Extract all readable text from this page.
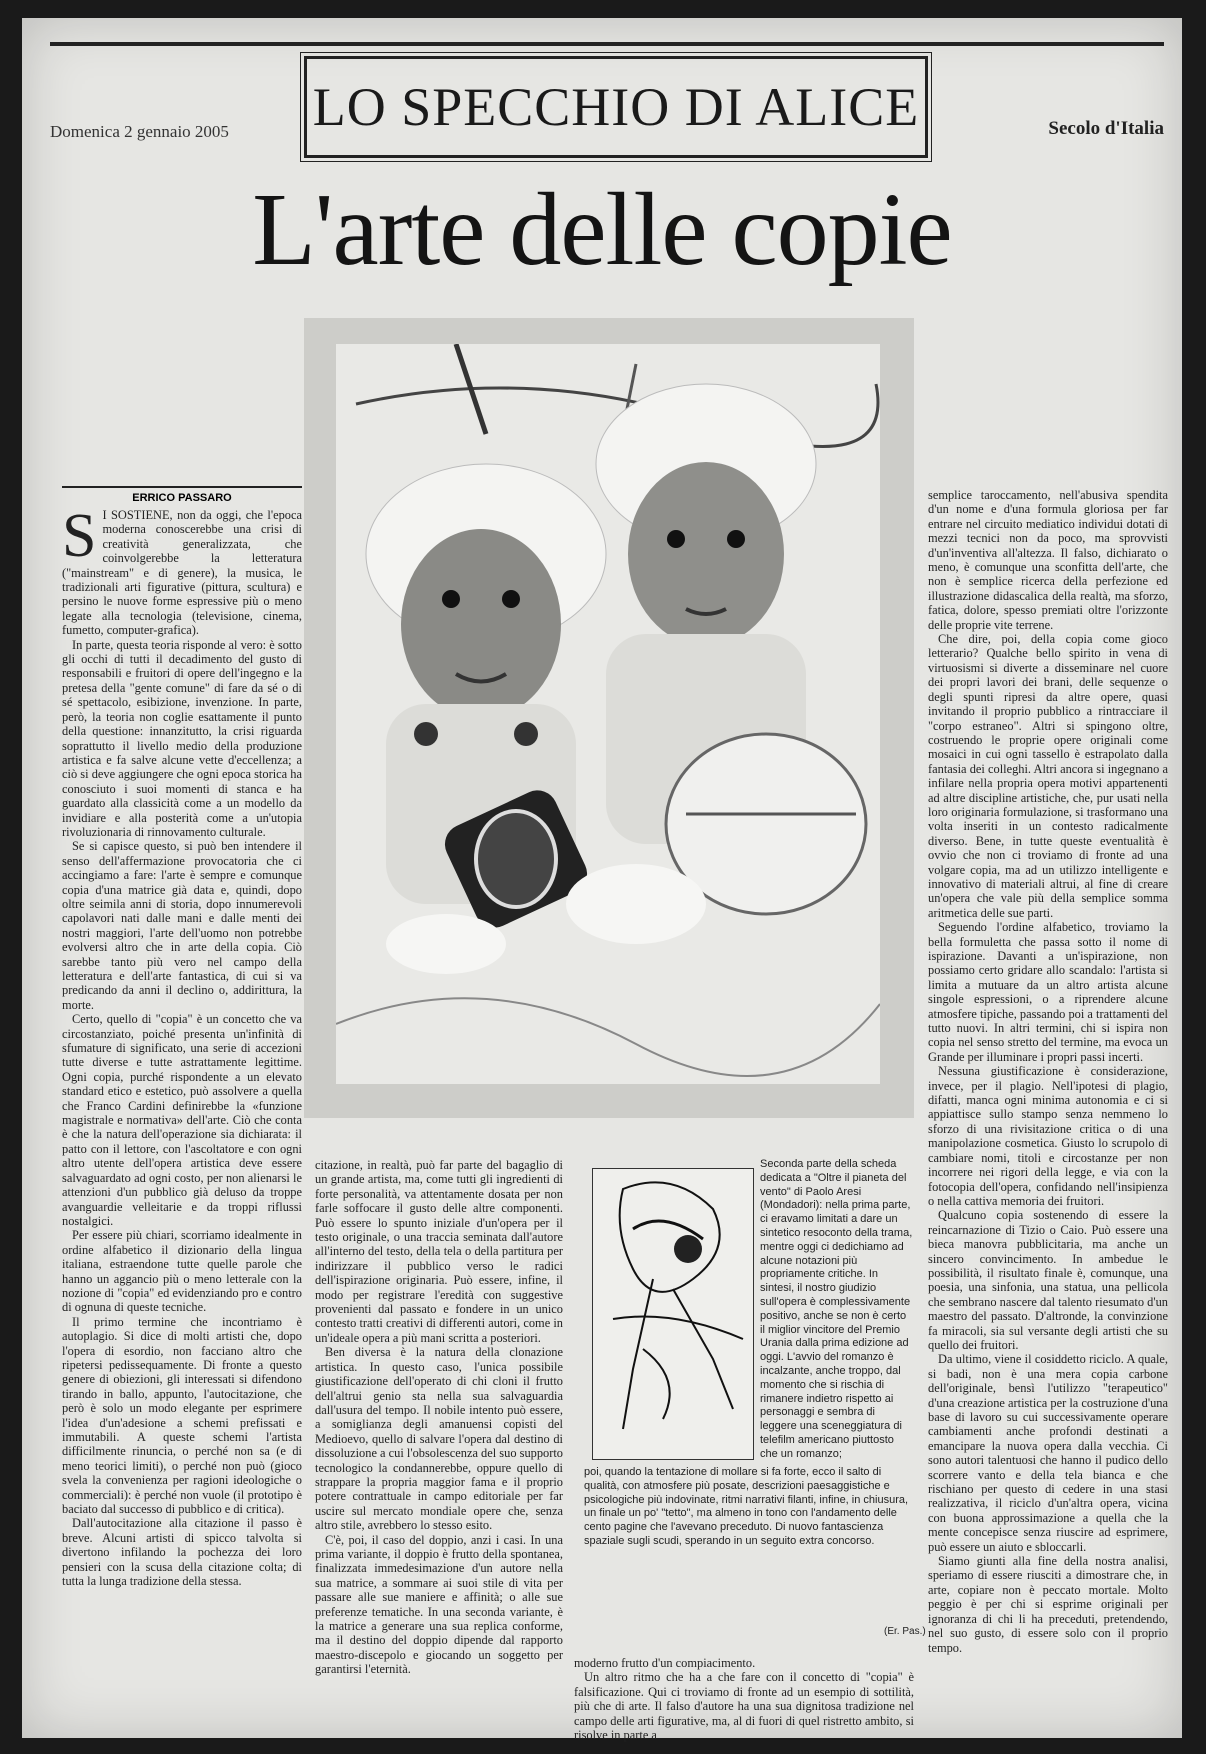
Domenica 2 gennaio 2005 LO SPECCHIO DI ALICE	Secolo d'Italia
L'arte delle copie
ERRICO PASSARO
S I SOSTIENE, non da oggi, che l'epoca moderna conoscerebbe una crisi di creatività generalizzata, che coinvolgerebbe la letteratura ("mainstream" e di genere), la musica, le tradizionali arti figurative (pittura, scultura) e persino le nuove forme espressive più o meno legate alla tecnologia (televisione, cinema, fumetto, computer-grafica).

In parte, questa teoria risponde al vero: è sotto gli occhi di tutti il decadimento del gusto di responsabili e fruitori di opere dell'ingegno e la pretesa della "gente comune" di fare da sé o di sé spettacolo, esibizione, invenzione. In parte, però, la teoria non coglie esattamente il punto della questione: innanzitutto, la crisi riguarda soprattutto il livello medio della produzione artistica e fa salve alcune vette d'eccellenza; a ciò si deve aggiungere che ogni epoca storica ha conosciuto i suoi momenti di stanca e ha guardato alla classicità come a un modello da invidiare e alla posterità come a un'utopia rivoluzionaria di rinnovamento culturale.

Se si capisce questo, si può ben intendere il senso dell'affermazione provocatoria che ci accingiamo a fare: l'arte è sempre e comunque copia d'una matrice già data e, quindi, dopo oltre seimila anni di storia, dopo innumerevoli capolavori nati dalle mani e dalle menti dei nostri maggiori, l'arte dell'uomo non potrebbe evolversi altro che in arte della copia. Ciò sarebbe tanto più vero nel campo della letteratura e dell'arte fantastica, di cui si va predicando da anni il declino o, addirittura, la morte.

Certo, quello di "copia" è un concetto che va circostanziato, poiché presenta un'infinità di sfumature di significato, una serie di accezioni tutte diverse e tutte astrattamente legittime. Ogni copia, purché rispondente a un elevato standard etico e estetico, può assolvere a quella che Franco Cardini definirebbe la «funzione magistrale e normativa» dell'arte. Ciò che conta è che la natura dell'operazione sia dichiarata: il patto con il lettore, con l'ascoltatore e con ogni altro utente dell'opera artistica deve essere salvaguardato ad ogni costo, per non alienarsi le attenzioni d'un pubblico già deluso da troppe avanguardie velleitarie e da troppi riflussi nostalgici.

Per essere più chiari, scorriamo idealmente in ordine alfabetico il dizionario della lingua italiana, estraendone tutte quelle parole che hanno un aggancio più o meno letterale con la nozione di "copia" ed evidenziando pro e contro di ognuna di queste tecniche.

Il primo termine che incontriamo è autoplagio. Si dice di molti artisti che, dopo l'opera di esordio, non facciano altro che ripetersi pedissequamente. Di fronte a questo genere di obiezioni, gli interessati si difendono tirando in ballo, appunto, l'autocitazione, che però è solo un modo elegante per esprimere l'idea d'un'adesione a schemi prefissati e immutabili. A queste schemi l'artista difficilmente rinuncia, o perché non sa (e di meno teorici limiti), o perché non può (gioco svela la convenienza per ragioni ideologiche o commerciali): è perché non vuole (il prototipo è baciato dal successo di pubblico e di critica).

Dall'autocitazione alla citazione il passo è breve. Alcuni artisti di spicco talvolta si divertono infilando la pochezza dei loro pensieri con la scusa della citazione colta; di tutta la lunga tradizione della stessa.

citazione, in realtà, può far parte del bagaglio di un grande artista, ma, come tutti gli ingredienti di forte personalità, va attentamente dosata per non farle soffocare il gusto delle altre componenti. Può essere lo spunto iniziale d'un'opera per il testo originale, o una traccia seminata dall'autore all'interno del testo, della tela o della partitura per indirizzare il pubblico verso le radici dell'ispirazione originaria. Può essere, infine, il modo per registrare l'eredità con suggestive provenienti dal passato e fondere in un unico contesto tratti creativi di differenti autori, come in un'ideale opera a più mani scritta a posteriori.

Ben diversa è la natura della clonazione artistica. In questo caso, l'unica possibile giustificazione dell'operato di chi cloni il frutto dell'altrui genio sta nella sua salvaguardia dall'usura del tempo. Il nobile intento può essere, a somiglianza degli amanuensi copisti del Medioevo, quello di salvare l'opera dal destino di dissoluzione a cui l'obsolescenza del suo supporto tecnologico la condannerebbe, oppure quello di strappare la propria maggior fama e il proprio potere contrattuale in campo editoriale per far uscire sul mercato mondiale opere che, senza altro stile, avrebbero lo stesso esito.

C'è, poi, il caso del doppio, anzi i casi. In una prima variante, il doppio è frutto della spontanea, finalizzata immedesimazione d'un autore nella sua matrice, a sommare ai suoi stile di vita per passare alle sue maniere e affinità; o alle sue preferenze tematiche. In una seconda variante, è la matrice a generare una sua replica conforme, ma il destino del doppio dipende dal rapporto maestro-discepolo e giocando un soggetto per garantirsi l'eternità.

Seconda parte della scheda dedicata a "Oltre il pianeta del vento" di Paolo Aresi (Mondadori): nella prima parte, ci eravamo limitati a dare un sintetico resoconto della trama, mentre oggi ci dedichiamo ad alcune notazioni più propriamente critiche. In sintesi, il nostro giudizio sull'opera è complessivamente positivo, anche se non è certo il miglior vincitore del Premio Urania dalla prima edizione ad oggi. L'avvio del romanzo è incalzante, anche troppo, dal momento che si rischia di rimanere indietro rispetto ai personaggi e sembra di leggere una sceneggiatura di telefilm americano piuttosto che un romanzo;

poi, quando la tentazione di mollare si fa forte, ecco il salto di qualità, con atmosfere più posate, descrizioni paesaggistiche e psicologiche più indovinate, ritmi narrativi filanti, infine, in chiusura, un finale un po' "tetto", ma almeno in tono con l'andamento delle cento pagine che l'avevano preceduto. Di nuovo fantascienza spaziale sugli scudi, sperando in un seguito extra concorso.

(Er. Pas.)

moderno frutto d'un compiacimento.

Un altro ritmo che ha a che fare con il concetto di "copia" è falsificazione. Qui ci troviamo di fronte ad un esempio di sottilità, più che di arte. Il falso d'autore ha una sua dignitosa tradizione nel campo delle arti figurative, ma, al di fuori di quel ristretto ambito, si risolve in parte a

semplice taroccamento, nell'abusiva spendita d'un nome e d'una formula gloriosa per far entrare nel circuito mediatico individui dotati di mezzi tecnici non da poco, ma sprovvisti d'un'inventiva all'altezza. Il falso, dichiarato o meno, è comunque una sconfitta dell'arte, che non è semplice ricerca della perfezione ed illustrazione didascalica della realtà, ma sforzo, fatica, dolore, spesso premiati oltre l'orizzonte delle proprie vite terrene.

Che dire, poi, della copia come gioco letterario? Qualche bello spirito in vena di virtuosismi si diverte a disseminare nel cuore dei propri lavori dei brani, delle sequenze o degli spunti ripresi da altre opere, quasi invitando il proprio pubblico a rintracciare il "corpo estraneo". Altri si spingono oltre, costruendo le proprie opere originali come mosaici in cui ogni tassello è estrapolato dalla fantasia dei colleghi. Altri ancora si ingegnano a infilare nella propria opera motivi appartenenti ad altre discipline artistiche, che, pur usati nella loro originaria formulazione, si trasformano una volta inseriti in un contesto radicalmente diverso. Bene, in tutte queste eventualità è ovvio che non ci troviamo di fronte ad una volgare copia, ma ad un utilizzo intelligente e innovativo di materiali altrui, al fine di creare un'opera che vale più della semplice somma aritmetica delle sue parti.

Seguendo l'ordine alfabetico, troviamo la bella formuletta che passa sotto il nome di ispirazione. Davanti a un'ispirazione, non possiamo certo gridare allo scandalo: l'artista si limita a mutuare da un altro artista alcune singole espressioni, o a riprendere alcune atmosfere tipiche, passando poi a trattamenti del tutto nuovi. In altri termini, chi si ispira non copia nel senso stretto del termine, ma evoca un Grande per illuminare i propri passi incerti.

Nessuna giustificazione è considerazione, invece, per il plagio. Nell'ipotesi di plagio, difatti, manca ogni minima autonomia e ci si appiattisce sullo stampo senza nemmeno lo sforzo di una rivisitazione critica o di una manipolazione cosmetica. Giusto lo scrupolo di cambiare nomi, titoli e circostanze per non incorrere nei rigori della legge, e via con la fotocopia dell'opera, confidando nell'insipienza o nella cattiva memoria dei fruitori.

Qualcuno copia sostenendo di essere la reincarnazione di Tizio o Caio. Può essere una bieca manovra pubblicitaria, ma anche un sincero convincimento. In ambedue le possibilità, il risultato finale è, comunque, una poesia, una sinfonia, una statua, una pellicola che sembrano nascere dal talento riesumato d'un maestro del passato. D'altronde, la convinzione fa miracoli, sia sul versante degli artisti che su quello dei fruitori.

Da ultimo, viene il cosiddetto riciclo. A quale, si badi, non è una mera copia carbone dell'originale, bensì l'utilizzo "terapeutico" d'una creazione artistica per la costruzione d'una base di lavoro su cui successivamente operare cambiamenti anche profondi destinati a emancipare la nuova opera dalla vecchia. Ci sono autori talentuosi che hanno il pudico dello scorrere vanto e della tela bianca e che rischiano per questo di cedere in una stasi realizzativa, il riciclo d'un'altra opera, vicina con buona approssimazione a quella che la mente concepisce senza riuscire ad esprimere, può essere un aiuto e sbloccarli.

Siamo giunti alla fine della nostra analisi, speriamo di essere riusciti a dimostrare che, in arte, copiare non è peccato mortale. Molto peggio è per chi si esprime originali per ignoranza di chi li ha preceduti, pretendendo, nel suo gusto, di essere solo con il proprio tempo.
